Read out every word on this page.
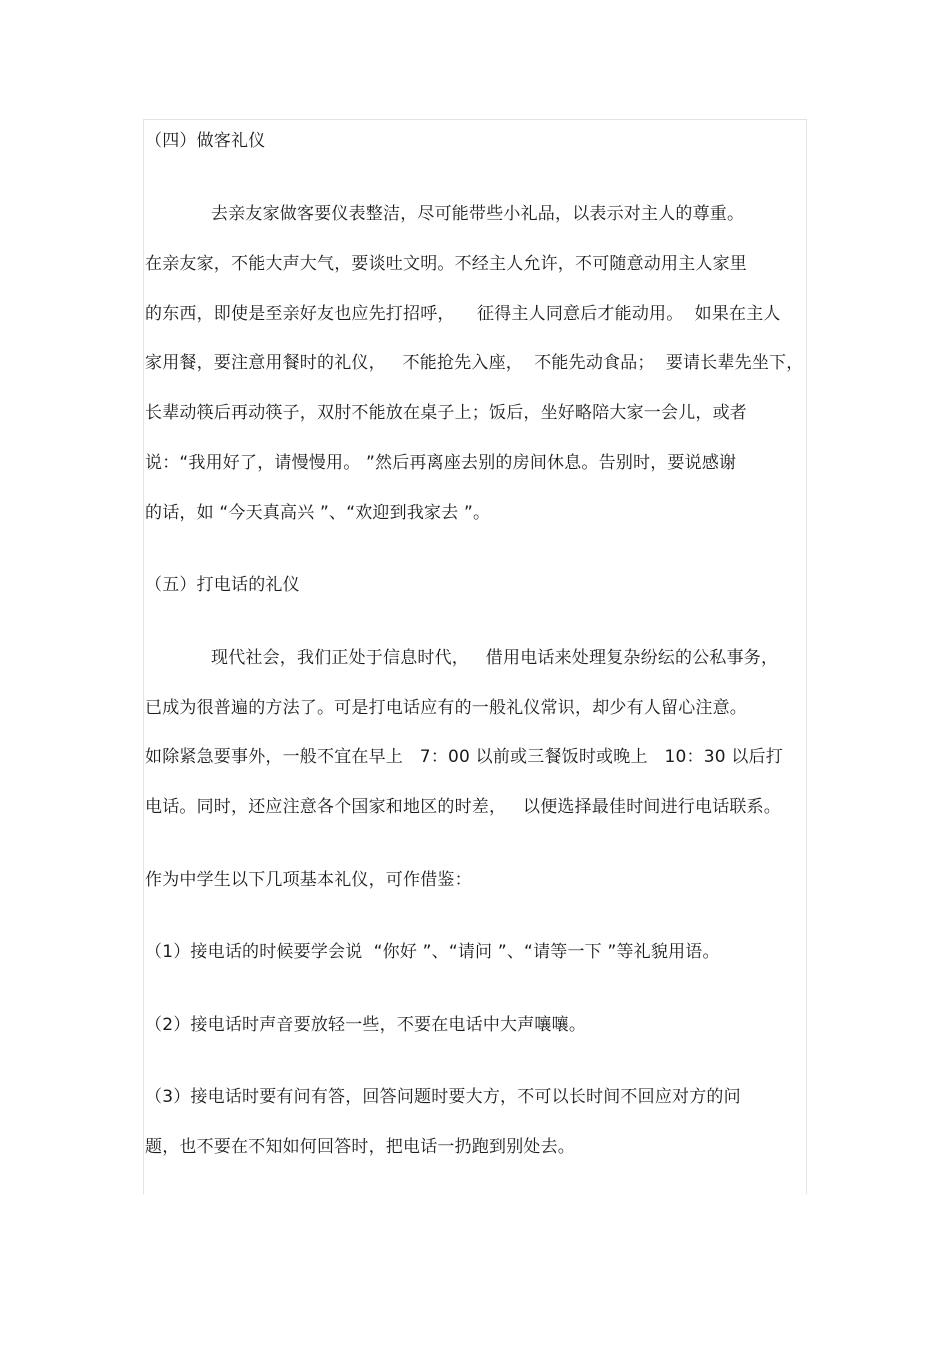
（四）做客礼仪
去亲友家做客要仪表整洁，尽可能带些小礼品，以表示对主人的尊重。
在亲友家，不能大声大气，要谈吐文明。不经主人允许，不可随意动用主人家里
的东西，即使是至亲好友也应先打招呼，    征得主人同意后才能动用。  如果在主人
家用餐，要注意用餐时的礼仪，   不能抢先入座，  不能先动食品；  要请长辈先坐下，
长辈动筷后再动筷子，双肘不能放在桌子上；饭后，坐好略陪大家一会儿，或者
说：“我用好了，请慢慢用。 ”然后再离座去别的房间休息。告别时，要说感谢
的话，如 “今天真高兴 ”、“欢迎到我家去 ”。
（五）打电话的礼仪
现代社会，我们正处于信息时代，   借用电话来处理复杂纷纭的公私事务，
已成为很普遍的方法了。可是打电话应有的一般礼仪常识，却少有人留心注意。
如除紧急要事外，一般不宜在早上   7：00 以前或三餐饭时或晚上   10：30 以后打
电话。同时，还应注意各个国家和地区的时差，   以便选择最佳时间进行电话联系。
作为中学生以下几项基本礼仪，可作借鉴：
（1）接电话的时候要学会说  “你好 ”、“请问 ”、“请等一下 ”等礼貌用语。
（2）接电话时声音要放轻一些，不要在电话中大声嚷嚷。
（3）接电话时要有问有答，回答问题时要大方，不可以长时间不回应对方的问
题，也不要在不知如何回答时，把电话一扔跑到别处去。
